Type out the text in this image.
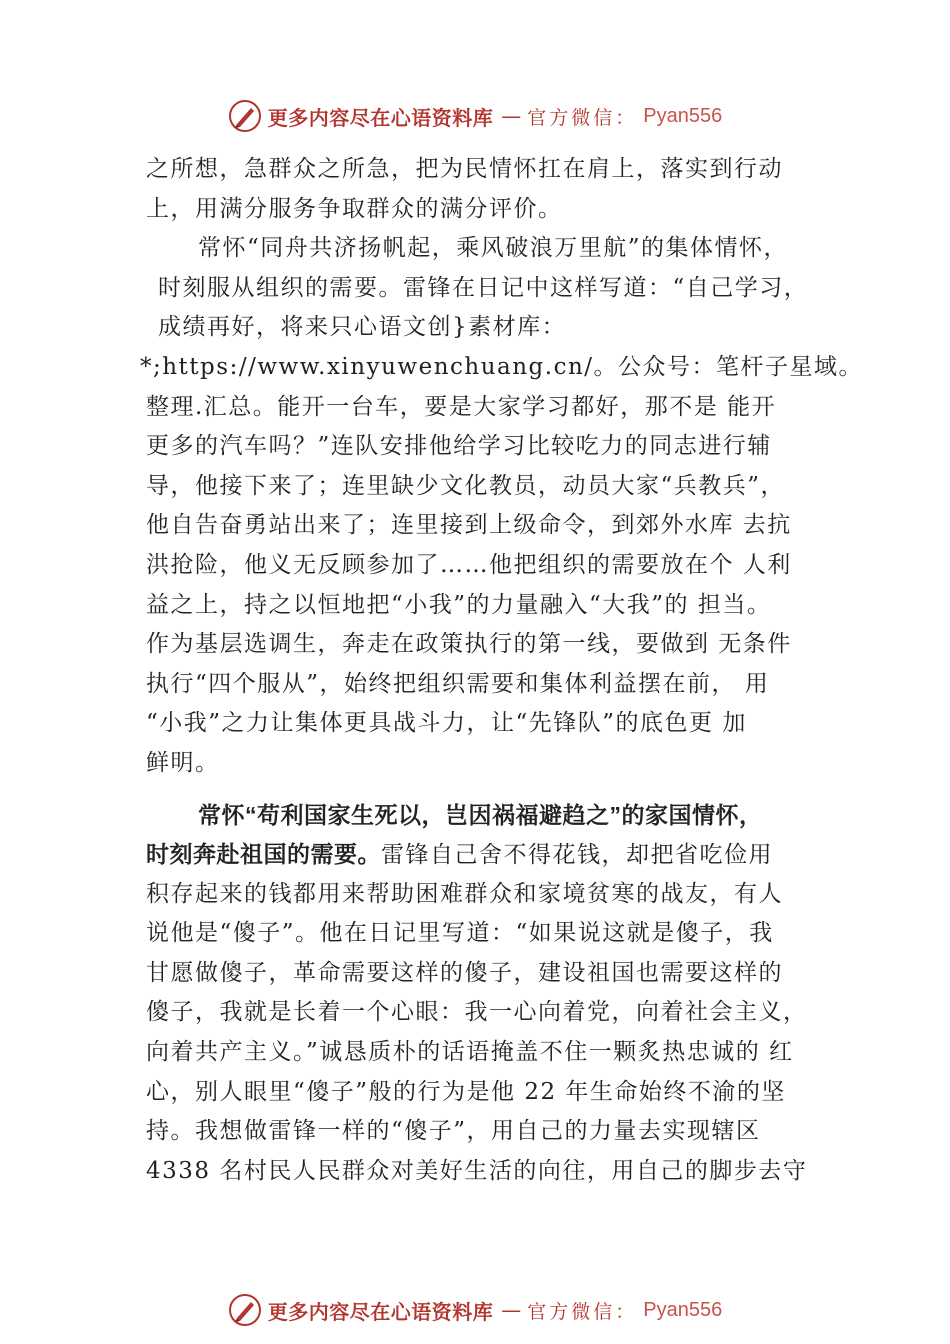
更多内容尽在心语资料库 — 官方微信： Pyan556
之所想，急群众之所急，把为民情怀扛在肩上，落实到行动
上，用满分服务争取群众的满分评价。
常怀“同舟共济扬帆起，乘风破浪万里航”的集体情怀，
时刻服从组织的需要。雷锋在日记中这样写道：“自己学习，
成绩再好，将来只心语文创}素材库：
*;https://www.xinyuwenchuang.cn/。公众号：笔杆子星域。
整理.汇总。能开一台车，要是大家学习都好，那不是 能开
更多的汽车吗？”连队安排他给学习比较吃力的同志进行辅
导，他接下来了；连里缺少文化教员，动员大家“兵教兵”，
他自告奋勇站出来了；连里接到上级命令，到郊外水库 去抗
洪抢险，他义无反顾参加了……他把组织的需要放在个 人利
益之上，持之以恒地把“小我”的力量融入“大我”的 担当。
作为基层选调生，奔走在政策执行的第一线，要做到 无条件
执行“四个服从”，始终把组织需要和集体利益摆在前， 用
“小我”之力让集体更具战斗力，让“先锋队”的底色更 加
鲜明。
常怀“苟利国家生死以，岂因祸福避趋之”的家国情怀，
时刻奔赴祖国的需要。雷锋自己舍不得花钱，却把省吃俭用
积存起来的钱都用来帮助困难群众和家境贫寒的战友，有人
说他是“傻子”。他在日记里写道：“如果说这就是傻子，我
甘愿做傻子，革命需要这样的傻子，建设祖国也需要这样的
傻子，我就是长着一个心眼：我一心向着党，向着社会主义，
向着共产主义。”诚恳质朴的话语掩盖不住一颗炙热忠诚的 红
心，别人眼里“傻子”般的行为是他 22 年生命始终不渝的坚
持。我想做雷锋一样的“傻子”，用自己的力量去实现辖区
4338 名村民人民群众对美好生活的向往，用自己的脚步去守
更多内容尽在心语资料库 — 官方微信： Pyan556
